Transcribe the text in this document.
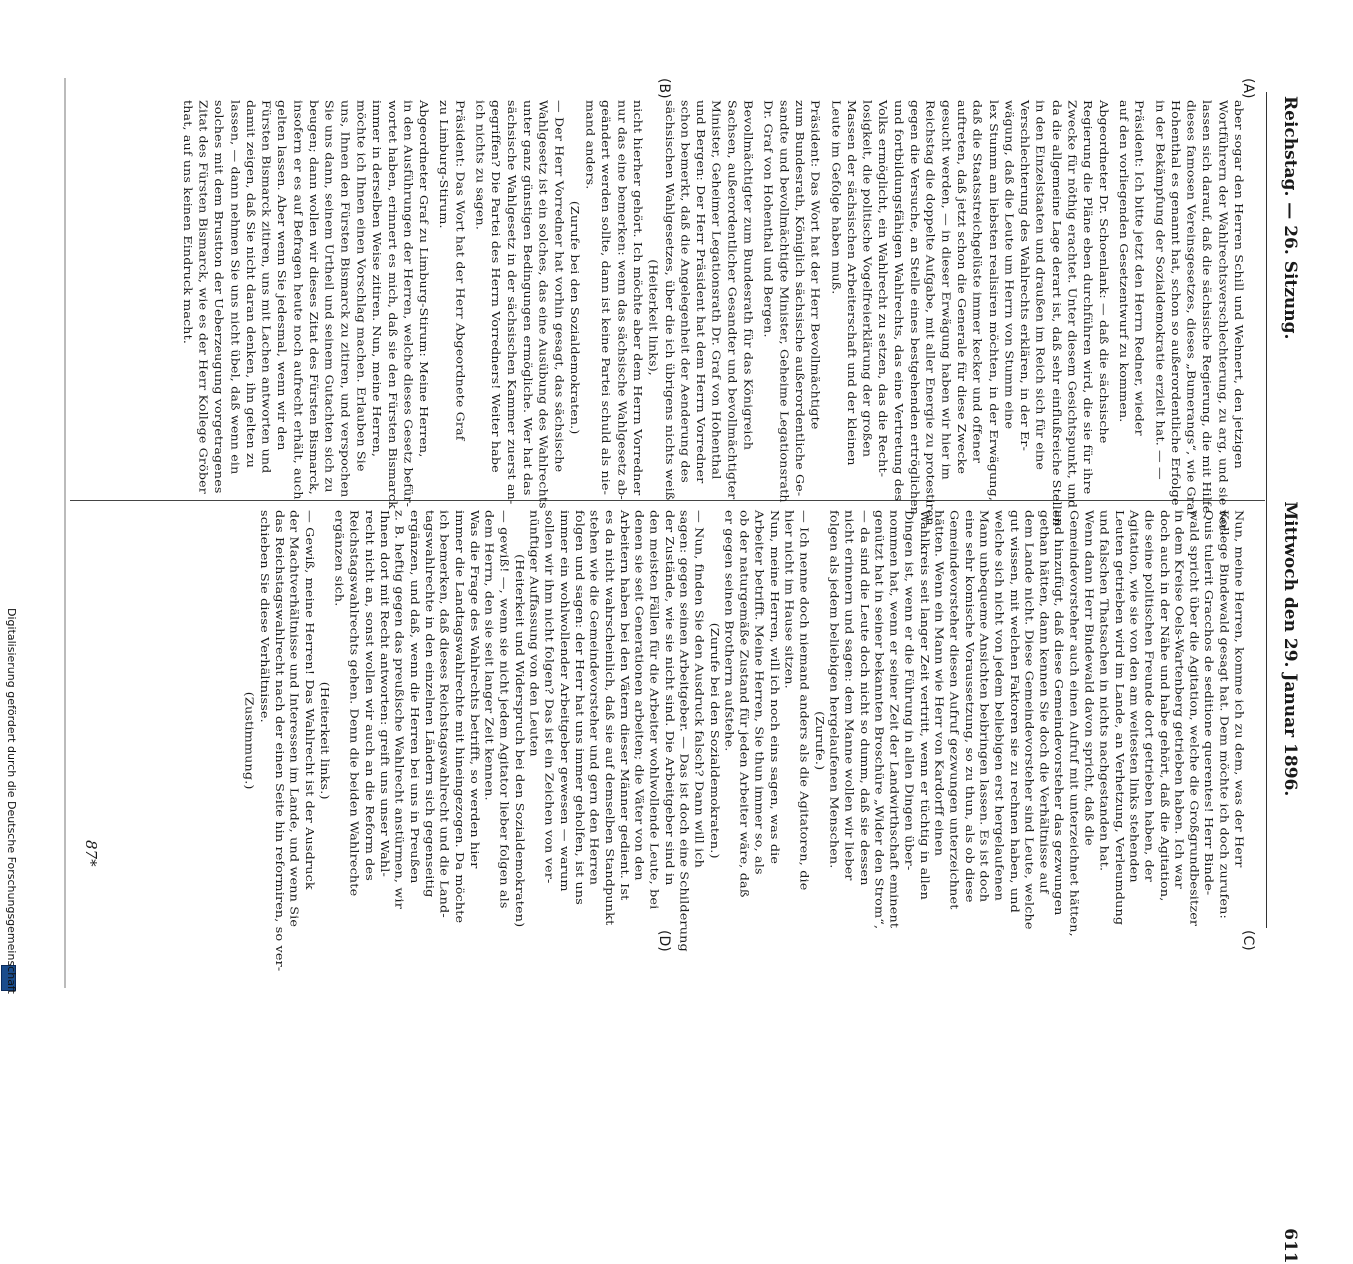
Reichstag. — 26. Sitzung.  Mittwoch den 29. Januar 1896.  611
(A)
(C)
(B)
(D)

aber sogar den Herren Schill und Wehnert, den jetzigen

Wortführern der Wahlrechtsverschlechterung, zu arg, und sie ver-

lassen sich darauf, daß die sächsische Regierung, die mit Hilfe

dieses famosen Vereinsgesetzes, dieses „Bumerangs“, wie Graf

Hohenthal es genannt hat, schon so außerordentliche Erfolge

in der Bekämpfung der Sozialdemokratie erzielt hat. — —

Präsident: Ich bitte jetzt den Herrn Redner, wieder

auf den vorliegenden Gesetzentwurf zu kommen.

Abgeordneter Dr. Schoenlank: — daß die sächsische

Regierung die Pläne eben durchführen wird, die sie für ihre

Zwecke für nöthig erachtet. Unter diesem Gesichtspunkt, und

da die allgemeine Lage derart ist, daß sehr einflußreiche Stellen

in den Einzelstaaten und draußen im Reich sich für eine

Verschlechterung des Wahlrechts erklären, in der Er-

wägung, daß die Leute um Herrn von Stumm eine

lex Stumm am liebsten realisiren möchten, in der Erwägung,

daß die Staatsstreichgelüste immer kecker und offener

auftreten, daß jetzt schon die Generale für diese Zwecke

gesucht werden, — in dieser Erwägung haben wir hier im

Reichstag die doppelte Aufgabe, mit aller Energie zu protestiren

gegen die Versuche, an Stelle eines bestgehenden ertröglichen

und fortbildungsfähigen Wahlrechts, das eine Vertretung des

Volks ermöglicht, ein Wahlrecht zu setzen, das die Recht-

losigkeit, die politische Vogelfreierklärung der großen

Massen der sächsischen Arbeiterschaft und der kleinen

Leute im Gefolge haben muß.

Präsident: Das Wort hat der Herr Bevollmächtigte

zum Bundesrath, Königlich sächsische außerordentliche Ge-

sandte und bevollmächtigte Minister, Geheime Legationsrath

Dr. Graf von Hohenthal und Bergen.

Bevollmächtigter zum Bundesrath für das Königreich

Sachsen, außerordentlicher Gesandter und bevollmächtigter

Minister, Geheimer Legationsrath Dr. Graf von Hohenthal

und Bergen: Der Herr Präsident hat dem Herrn Vorredner

schon bemerkt, daß die Angelegenheit der Aenderung des

sächsischen Wahlgesetzes, über die ich übrigens nichts weiß

(Heiterkeit links),

nicht hierher gehört. Ich möchte aber dem Herrn Vorredner

nur das eine bemerken: wenn das sächsische Wahlgesetz ab-

geändert werden sollte, dann ist keine Partei schuld als nie-

mand anders.

(Zurufe bei den Sozialdemokraten.)

— Der Herr Vorredner hat vorhin gesagt, das sächsische

Wahlgesetz ist ein solches, das eine Ausübung des Wahlrechts

unter ganz günstigen Bedingungen ermögliche. Wer hat das

sächsische Wahlgesetz in der sächsischen Kammer zuerst an-

gegriffen? Die Partei des Herrn Vorredners! Weiter habe

ich nichts zu sagen.

Präsident: Das Wort hat der Herr Abgeordnete Graf

zu Limburg-Stirum.

Abgeordneter Graf zu Limburg-Stirum: Meine Herren,

in den Ausführungen der Herren, welche dieses Gesetz befür-

wortet haben, erinnert es mich, daß sie den Fürsten Bismarck

immer in derselben Weise zitiren. Nun, meine Herren,

möchte ich Ihnen einen Vorschlag machen. Erlauben Sie

uns, Ihnen den Fürsten Bismarck zu zitiren, und verspochen

Sie uns dann, seinem Urtheil und seinem Gutachten sich zu

beugen; dann wollen wir dieses Zitat des Fürsten Bismarck,

insofern er es auf Befragen heute noch aufrecht erhält, auch

gelten lassen. Aber wenn Sie jedesmal, wenn wir den

Fürsten Bismarck zitiren, uns mit Lachen antworten und

damit zeigen, daß Sie nicht daran denken, ihn gelten zu

lassen, — dann nehmen Sie uns nicht übel, daß wenn ein

solches mit dem Brustton der Ueberzeugung vorgetragenes

Zitat des Fürsten Bismarck, wie es der Herr Kollege Gröber

that, auf uns keinen Eindruck macht.

Nun, meine Herren, komme ich zu dem, was der Herr

Kollege Bindewald gesagt hat. Dem möchte ich doch zurufen:

Quis tulerit Gracchos de seditione querentes! Herr Binde-

wald spricht über die Agitation, welche die Großgrundbesitzer

in dem Kreise Oels-Wartenberg getrieben haben. Ich war

doch auch in der Nähe und habe gehört, daß die Agitation,

die seine politischen Freunde dort getrieben haben, der

Agitation, wie sie von den am weitesten links stehenden

Leuten getrieben wird im Lande, an Verhetzung, Verleumdung

und falschen Thatsachen in nichts nachgestanden hat.

Wenn dann Herr Bindewald davon spricht, daß die

Gemeindevorsteher auch einen Aufruf mit unterzeichnet hätten,

und hinzufügt, daß diese Gemeindevorsteher das gezwungen

gethan hätten, dann kennen Sie doch die Verhältnisse auf

dem Lande nicht. Diese Gemeindevorsteher sind Leute, welche

gut wissen, mit welchen Faktoren sie zu rechnen haben, und

welche sich nicht von jedem beliebigen erst hergelaufenen

Mann unbequeme Ansichten beibringen lassen. Es ist doch

eine sehr komische Voraussetzung, so zu thun, als ob diese

Gemeindevorsteher diesen Aufruf gezwungen unterzeichnet

hätten. Wenn ein Mann wie Herr von Kardorff einen

Wahlkreis seit langer Zeit vertritt, wenn er tüchtig in allen

Dingen ist, wenn er die Führung in allen Dingen über-

nommen hat, wenn er seiner Zeit der Landwirthschaft eminent

genützt hat in seiner bekannten Broschüre „Wider den Strom“,

— da sind die Leute doch nicht so dumm, daß sie dessen

nicht erinnern und sagen: dem Manne wollen wir lieber

folgen als jedem beliebigen hergelaufenen Menschen.

(Zurufe.)

— Ich nenne doch niemand anders als die Agitatoren, die

hier nicht im Hause sitzen.

Nun, meine Herren, will ich noch eins sagen, was die

Arbeiter betrifft. Meine Herren, Sie thun immer so, als

ob der naturgemäße Zustand für jeden Arbeiter wäre, daß

er gegen seinen Brotherrn aufstehe.

(Zurufe bei den Sozialdemokraten.)

— Nun, finden Sie den Ausdruck falsch? Dann will ich

sagen: gegen seinen Arbeitgeber. — Das ist doch eine Schilderung

der Zustände, wie sie nicht sind. Die Arbeitgeber sind in

den meisten Fällen für die Arbeiter wohlwollende Leute, bei

denen sie seit Generationen arbeiten; die Väter von den

Arbeitern haben bei den Vätern dieser Männer gedient. Ist

es da nicht wahrscheinlich, daß sie auf demselben Standpunkt

stehen wie die Gemeindevorsteher und gern den Herren

folgen und sagen: der Herr hat uns immer geholfen, ist uns

immer ein wohlwollender Arbeitgeber gewesen — warum

sollen wir ihm nicht folgen? Das ist ein Zeichen von ver-

nünftiger Auffassung von den Leuten

(Heiterkeit und Widerspruch bei den Sozialdemokraten)

— gewiß! —, wenn sie nicht jedem Agitator lieber folgen als

dem Herrn, den sie seit langer Zeit kennen.

Was die Frage des Wahlrechts betrifft, so werden hier

immer die Landtagswahlrechte mit hineingezogen. Da möchte

ich bemerken, daß dieses Reichstagswahlrecht und die Land-

tagswahlrechte in den einzelnen Ländern sich gegenseitig

ergänzen, und daß, wenn die Herren bei uns in Preußen

z. B. heftig gegen das preußische Wahlrecht anstürmen, wir

Ihnen dort mit Recht antworten: greift uns unser Wahl-

recht nicht an, sonst wollen wir auch an die Reform des

Reichstagswahlrechts gehen. Denn die beiden Wahlrechte

ergänzen sich.

(Heiterkeit links.)

— Gewiß, meine Herren! Das Wahlrecht ist der Ausdruck

der Machtverhältnisse und Interessen im Lande, und wenn Sie

das Reichstagswahlrecht nach der einen Seite hin reformiren, so ver-

schieben Sie diese Verhältnisse.

(Zustimmung.)

87*
Digitalisierung gefördert durch die Deutsche Forschungsgemeinschaft
